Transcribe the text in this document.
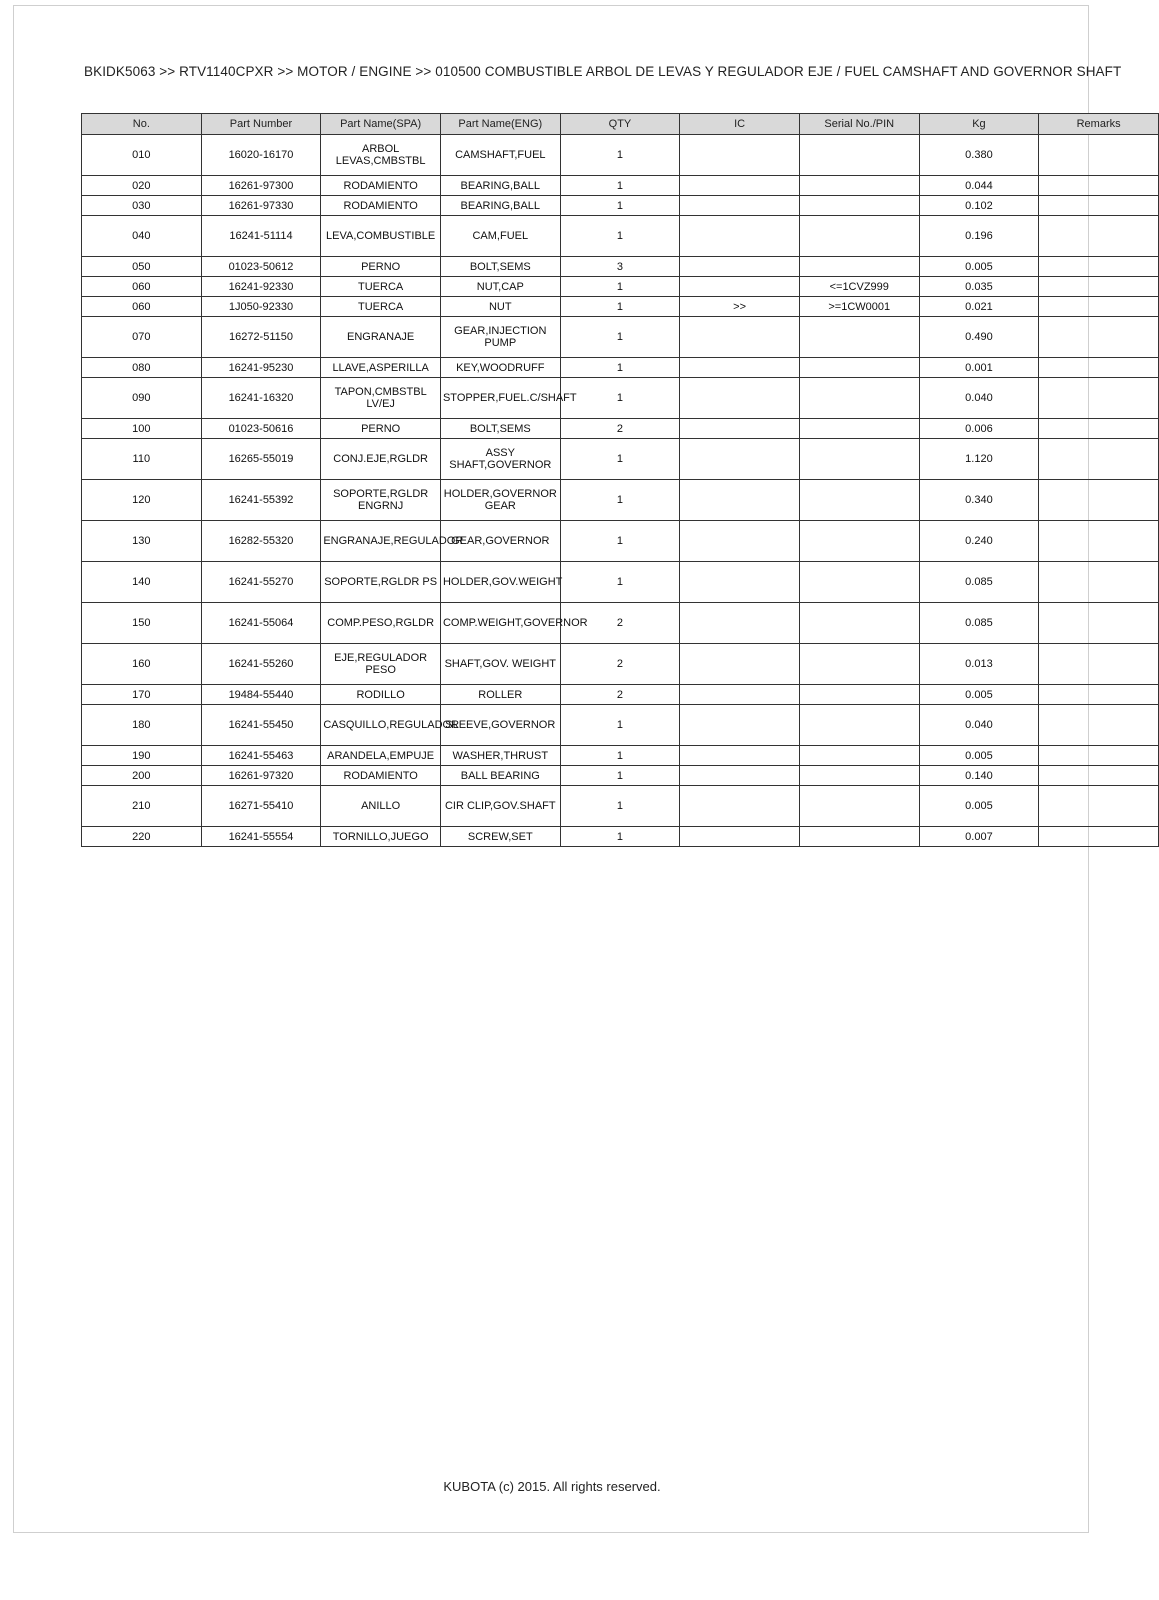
BKIDK5063 >> RTV1140CPXR >> MOTOR / ENGINE >> 010500 COMBUSTIBLE ARBOL DE LEVAS Y REGULADOR EJE / FUEL CAMSHAFT AND GOVERNOR SHAFT
No.	Part Number	Part Name(SPA)	Part Name(ENG)	QTY	IC	Serial No./PIN	Kg	Remarks
010	16020-16170	ARBOL LEVAS,CMBSTBL	CAMSHAFT,FUEL	1			0.380	
020	16261-97300	RODAMIENTO	BEARING,BALL	1			0.044	
030	16261-97330	RODAMIENTO	BEARING,BALL	1			0.102	
040	16241-51114	LEVA,COMBUSTIBLE	CAM,FUEL	1			0.196	
050	01023-50612	PERNO	BOLT,SEMS	3			0.005	
060	16241-92330	TUERCA	NUT,CAP	1		<=1CVZ999	0.035	
060	1J050-92330	TUERCA	NUT	1	>>	>=1CW0001	0.021	
070	16272-51150	ENGRANAJE	GEAR,INJECTION PUMP	1			0.490	
080	16241-95230	LLAVE,ASPERILLA	KEY,WOODRUFF	1			0.001	
090	16241-16320	TAPON,CMBSTBL LV/EJ	STOPPER,FUEL.C/SHAFT	1			0.040	
100	01023-50616	PERNO	BOLT,SEMS	2			0.006	
110	16265-55019	CONJ.EJE,RGLDR	ASSY SHAFT,GOVERNOR	1			1.120	
120	16241-55392	SOPORTE,RGLDR ENGRNJ	HOLDER,GOVERNOR GEAR	1			0.340	
130	16282-55320	ENGRANAJE,REGULADOR	GEAR,GOVERNOR	1			0.240	
140	16241-55270	SOPORTE,RGLDR PS	HOLDER,GOV.WEIGHT	1			0.085	
150	16241-55064	COMP.PESO,RGLDR	COMP.WEIGHT,GOVERNOR	2			0.085	
160	16241-55260	EJE,REGULADOR PESO	SHAFT,GOV. WEIGHT	2			0.013	
170	19484-55440	RODILLO	ROLLER	2			0.005	
180	16241-55450	CASQUILLO,REGULADOR	SLEEVE,GOVERNOR	1			0.040	
190	16241-55463	ARANDELA,EMPUJE	WASHER,THRUST	1			0.005	
200	16261-97320	RODAMIENTO	BALL BEARING	1			0.140	
210	16271-55410	ANILLO	CIR CLIP,GOV.SHAFT	1			0.005	
220	16241-55554	TORNILLO,JUEGO	SCREW,SET	1			0.007	
KUBOTA (c) 2015. All rights reserved.
